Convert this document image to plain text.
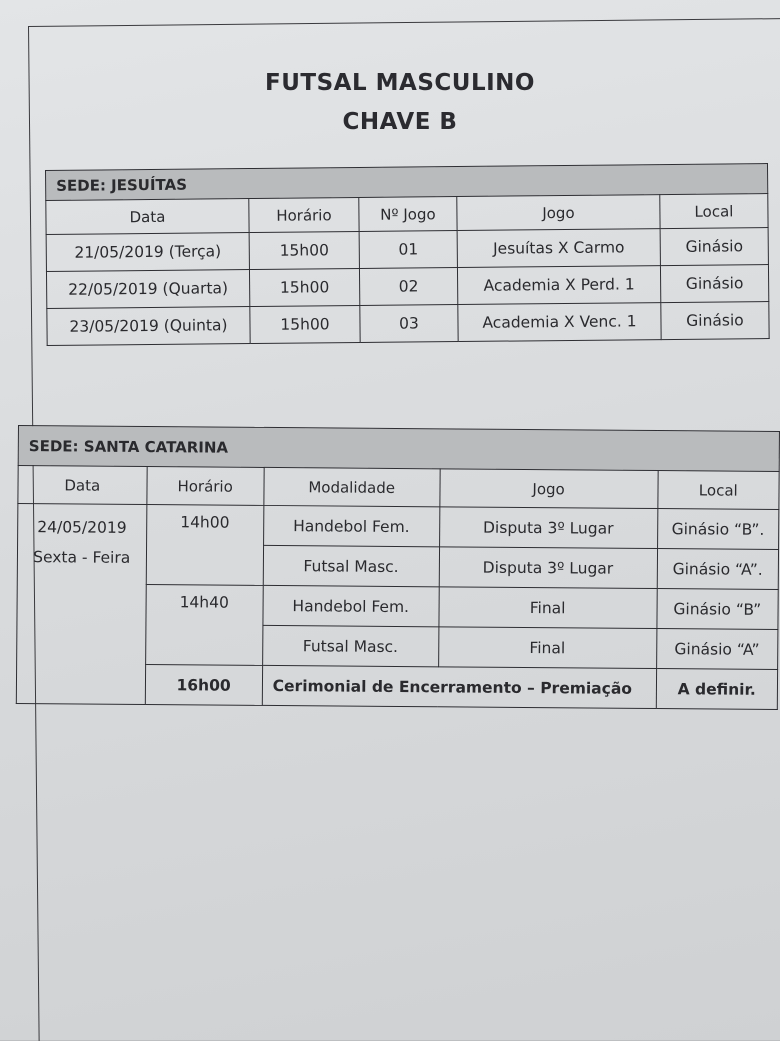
FUTSAL MASCULINO
CHAVE B
SEDE: JESUÍTAS				
Data	Horário	Nº Jogo	Jogo	Local
21/05/2019 (Terça)	15h00	01	Jesuítas X Carmo	Ginásio
22/05/2019 (Quarta)	15h00	02	Academia X Perd. 1	Ginásio
23/05/2019 (Quinta)	15h00	03	Academia X Venc. 1	Ginásio
SEDE: SANTA CATARINA				
Data	Horário	Modalidade	Jogo	Local

24/05/2019
Sexta - Feira	14h00	Handebol Fem.	Disputa 3º Lugar	Ginásio “B”.
		Futsal Masc.	Disputa 3º Lugar	Ginásio “A”.
	14h40	Handebol Fem.	Final	Ginásio “B”
		Futsal Masc.	Final	Ginásio “A”
	16h00	Cerimonial de Encerramento – Premiação		A definir.
